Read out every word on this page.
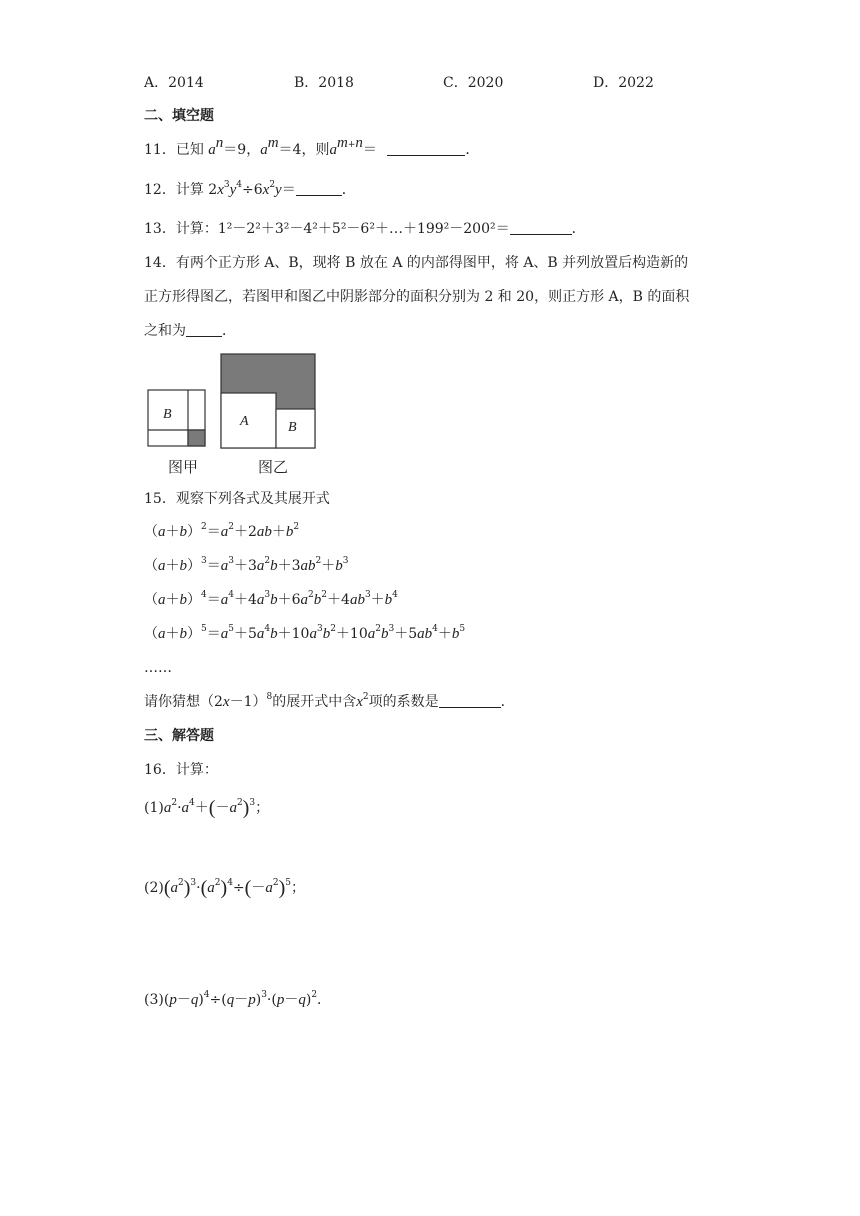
A．2014	B．2018	C．2020	D．2022
二、填空题
11．已知 $a^n=9$，$a^m=4$，则$a^{m+n}=$	．
12．计算 $2x^3y^4\div 6x^2y=$	．
13．计算：1²－2²＋3²－4²＋5²－6²＋…＋199²－200²＝	．
14．有两个正方形 A、B，现将 B 放在 A 的内部得图甲，将 A、B 并列放置后构造新的
正方形得图乙，若图甲和图乙中阴影部分的面积分别为 2 和 20，则正方形 A，B 的面积
之和为	．
B
图甲
A	B
图乙
15．观察下列各式及其展开式
$(a+b)^2=a^2+2ab+b^2$
$(a+b)^3=a^3+3a^2b+3ab^2+b^3$
$(a+b)^4=a^4+4a^3b+6a^2b^2+4ab^3+b^4$
$(a+b)^5=a^5+5a^4b+10a^3b^2+10a^2b^3+5ab^4+b^5$
……
请你猜想$(2x-1)^8$的展开式中含$x^2$项的系数是	．
三、解答题
16．计算：
$(1)a^2\cdot a^4+(-a^2)^3$；
$(2)(a^2)^3\cdot(a^2)^4\div(-a^2)^5$；
$(3)(p-q)^4\div(q-p)^3\cdot(p-q)^2$．
